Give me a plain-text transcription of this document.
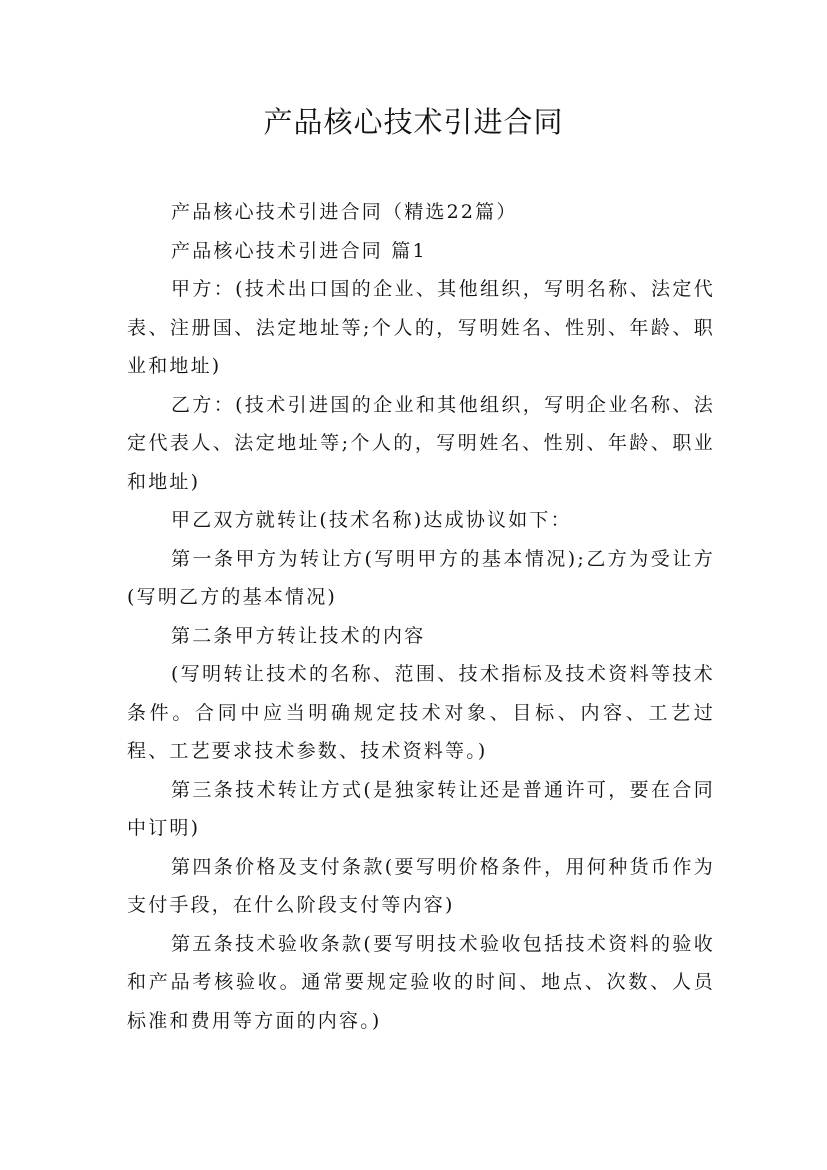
产品核心技术引进合同

产品核心技术引进合同（精选22篇）

产品核心技术引进合同 篇1

甲方：(技术出口国的企业、其他组织，写明名称、法定代表、注册国、法定地址等;个人的，写明姓名、性别、年龄、职业和地址)

乙方：(技术引进国的企业和其他组织，写明企业名称、法定代表人、法定地址等;个人的，写明姓名、性别、年龄、职业和地址)

甲乙双方就转让(技术名称)达成协议如下：

第一条甲方为转让方(写明甲方的基本情况);乙方为受让方(写明乙方的基本情况)

第二条甲方转让技术的内容

(写明转让技术的名称、范围、技术指标及技术资料等技术条件。合同中应当明确规定技术对象、目标、内容、工艺过程、工艺要求技术参数、技术资料等。)

第三条技术转让方式(是独家转让还是普通许可，要在合同中订明)

第四条价格及支付条款(要写明价格条件，用何种货币作为支付手段，在什么阶段支付等内容)

第五条技术验收条款(要写明技术验收包括技术资料的验收和产品考核验收。通常要规定验收的时间、地点、次数、人员标准和费用等方面的内容。)
